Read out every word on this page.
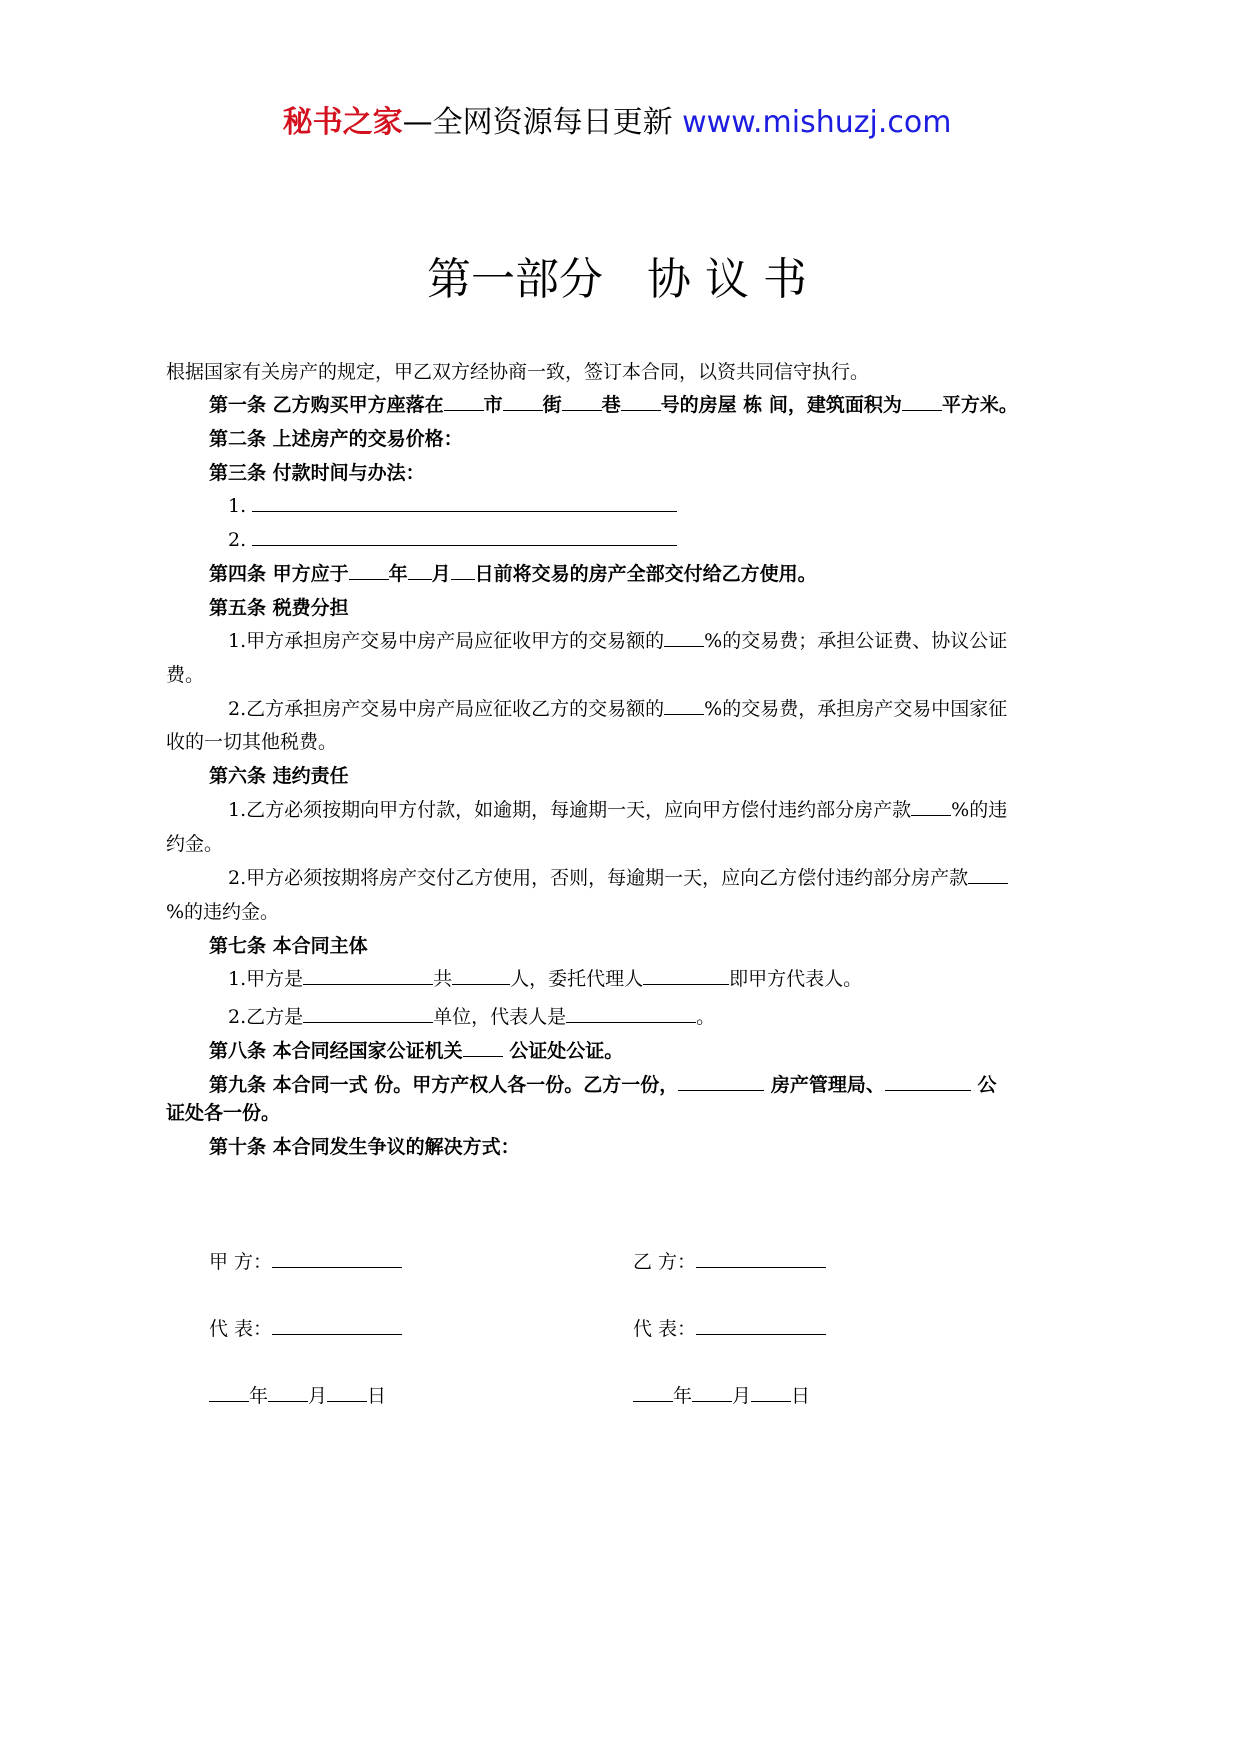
秘书之家—全网资源每日更新 www.mishuzj.com
第一部分　协 议 书
根据国家有关房产的规定，甲乙双方经协商一致，签订本合同，以资共同信守执行。
第一条 乙方购买甲方座落在 市 街 巷 号的房屋 栋 间，建筑面积为 平方米。
第二条 上述房产的交易价格：
第三条 付款时间与办法：
1.
2.
第四条 甲方应于 年 月 日前将交易的房产全部交付给乙方使用。
第五条 税费分担
1.甲方承担房产交易中房产局应征收甲方的交易额的 %的交易费；承担公证费、协议公证
费。
2.乙方承担房产交易中房产局应征收乙方的交易额的 %的交易费，承担房产交易中国家征
收的一切其他税费。
第六条 违约责任
1.乙方必须按期向甲方付款，如逾期，每逾期一天，应向甲方偿付违约部分房产款 %的违
约金。
2.甲方必须按期将房产交付乙方使用，否则，每逾期一天，应向乙方偿付违约部分房产款
%的违约金。
第七条 本合同主体
1.甲方是	共	人，委托代理人	即甲方代表人。
2.乙方是	单位，代表人是	。
第八条 本合同经国家公证机关 公证处公证。
第九条 本合同一式 份。甲方产权人各一份。乙方一份，	房产管理局、	公
证处各一份。
第十条 本合同发生争议的解决方式：
甲 方：	乙 方：
代 表：	代 表：
年 月 日	年 月 日
